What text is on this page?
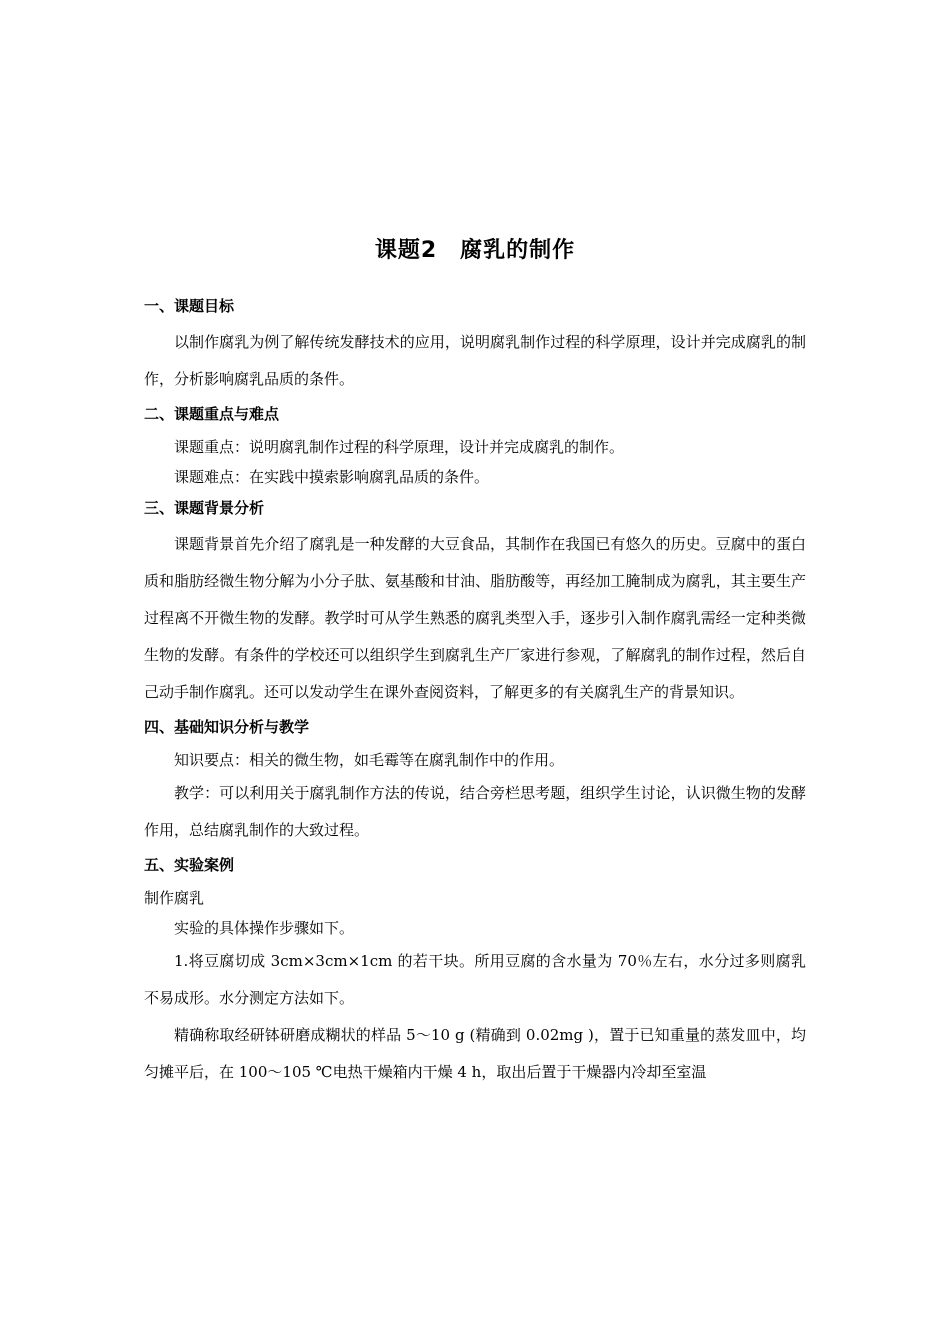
课题2　腐乳的制作
一、课题目标

以制作腐乳为例了解传统发酵技术的应用，说明腐乳制作过程的科学原理，设计并完成腐乳的制作，分析影响腐乳品质的条件。

二、课题重点与难点

课题重点：说明腐乳制作过程的科学原理，设计并完成腐乳的制作。

课题难点：在实践中摸索影响腐乳品质的条件。

三、课题背景分析

课题背景首先介绍了腐乳是一种发酵的大豆食品，其制作在我国已有悠久的历史。豆腐中的蛋白质和脂肪经微生物分解为小分子肽、氨基酸和甘油、脂肪酸等，再经加工腌制成为腐乳，其主要生产过程离不开微生物的发酵。教学时可从学生熟悉的腐乳类型入手，逐步引入制作腐乳需经一定种类微生物的发酵。有条件的学校还可以组织学生到腐乳生产厂家进行参观，了解腐乳的制作过程，然后自己动手制作腐乳。还可以发动学生在课外查阅资料，了解更多的有关腐乳生产的背景知识。

四、基础知识分析与教学

知识要点：相关的微生物，如毛霉等在腐乳制作中的作用。

教学：可以利用关于腐乳制作方法的传说，结合旁栏思考题，组织学生讨论，认识微生物的发酵作用，总结腐乳制作的大致过程。

五、实验案例

制作腐乳

实验的具体操作步骤如下。

1.将豆腐切成 3cm×3cm×1cm 的若干块。所用豆腐的含水量为 70％左右，水分过多则腐乳不易成形。水分测定方法如下。

精确称取经研钵研磨成糊状的样品 5～10 g (精确到 0.02mg )，置于已知重量的蒸发皿中，均匀摊平后，在 100～105 ℃电热干燥箱内干燥 4 h，取出后置于干燥器内冷却至室温
